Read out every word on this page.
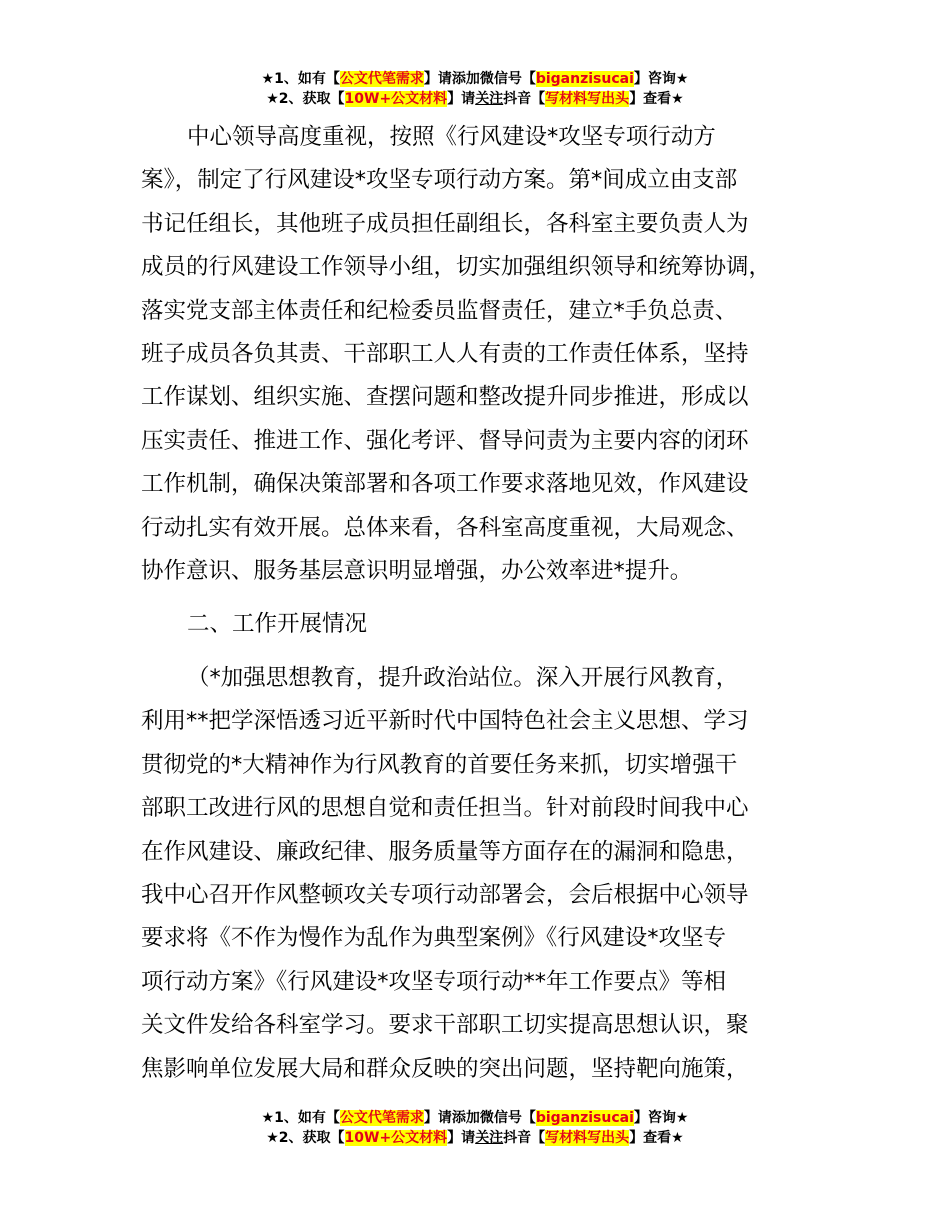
★1、如有【公文代笔需求】请添加微信号【biganzisucai】咨询★
★2、获取【10W+公文材料】请关注抖音【写材料写出头】查看★
中心领导高度重视，按照《行风建设*攻坚专项行动方
案》，制定了行风建设*攻坚专项行动方案。第*间成立由支部
书记任组长，其他班子成员担任副组长，各科室主要负责人为
成员的行风建设工作领导小组，切实加强组织领导和统筹协调，
落实党支部主体责任和纪检委员监督责任，建立*手负总责、
班子成员各负其责、干部职工人人有责的工作责任体系，坚持
工作谋划、组织实施、查摆问题和整改提升同步推进，形成以
压实责任、推进工作、强化考评、督导问责为主要内容的闭环
工作机制，确保决策部署和各项工作要求落地见效，作风建设
行动扎实有效开展。总体来看，各科室高度重视，大局观念、
协作意识、服务基层意识明显增强，办公效率进*提升。
二、工作开展情况
（*加强思想教育，提升政治站位。深入开展行风教育，
利用**把学深悟透习近平新时代中国特色社会主义思想、学习
贯彻党的*大精神作为行风教育的首要任务来抓，切实增强干
部职工改进行风的思想自觉和责任担当。针对前段时间我中心
在作风建设、廉政纪律、服务质量等方面存在的漏洞和隐患，
我中心召开作风整顿攻关专项行动部署会，会后根据中心领导
要求将《不作为慢作为乱作为典型案例》《行风建设*攻坚专
项行动方案》《行风建设*攻坚专项行动**年工作要点》等相
关文件发给各科室学习。要求干部职工切实提高思想认识，聚
焦影响单位发展大局和群众反映的突出问题，坚持靶向施策，
★1、如有【公文代笔需求】请添加微信号【biganzisucai】咨询★
★2、获取【10W+公文材料】请关注抖音【写材料写出头】查看★
